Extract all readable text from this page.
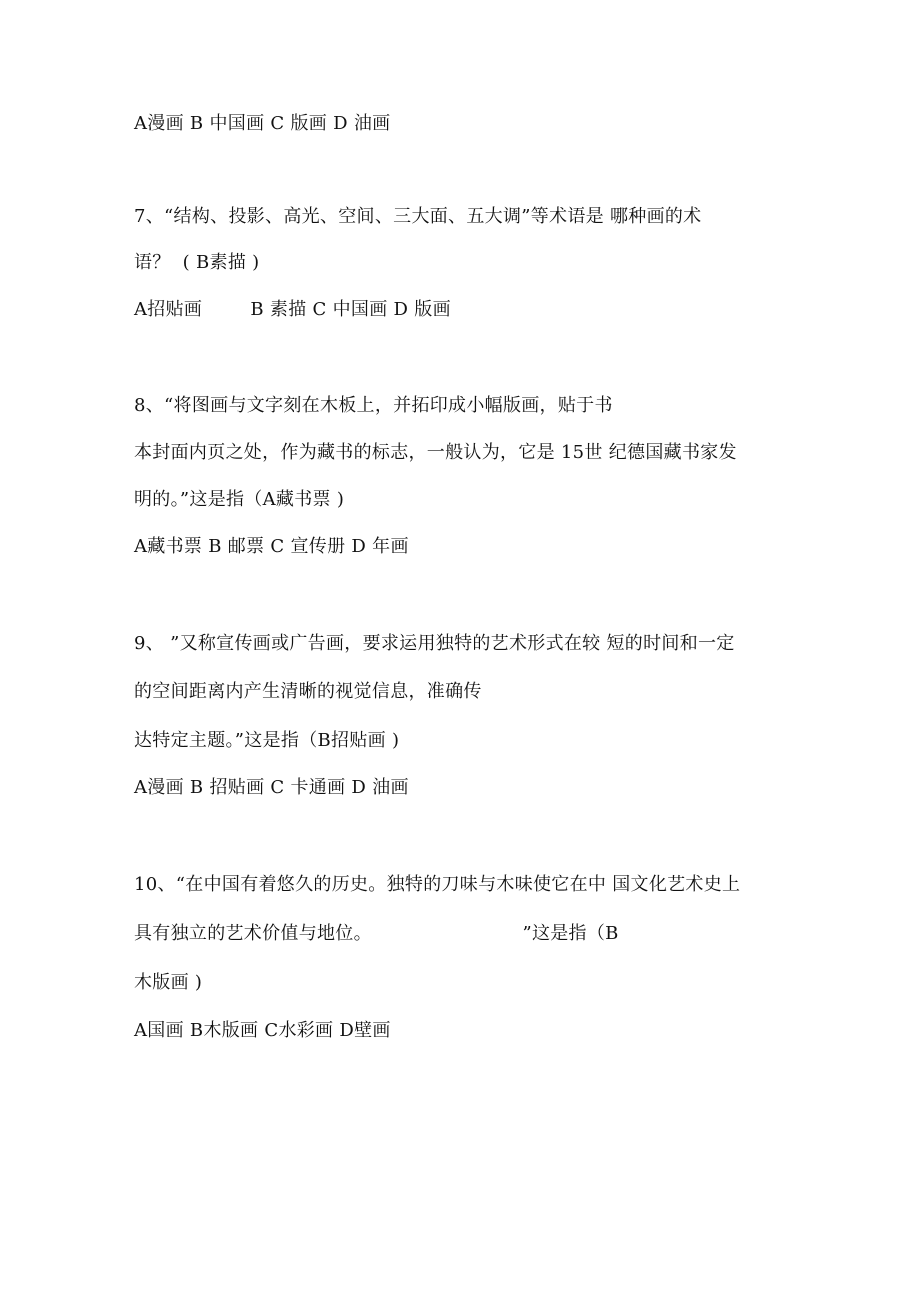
A漫画 B 中国画 C 版画 D 油画
7、“结构、投影、高光、空间、三大面、五大调”等术语是 哪种画的术
语？  ( B素描 )
A招贴画        B 素描 C 中国画 D 版画
8、“将图画与文字刻在木板上，并拓印成小幅版画，贴于书
本封面内页之处，作为藏书的标志，一般认为，它是 15世 纪德国藏书家发
明的。”这是指（A藏书票 )
A藏书票 B 邮票 C 宣传册 D 年画
9、 ”又称宣传画或广告画，要求运用独特的艺术形式在较 短的时间和一定
的空间距离内产生清晰的视觉信息，准确传
达特定主题。”这是指（B招贴画 )
A漫画 B 招贴画 C 卡通画 D 油画
10、“在中国有着悠久的历史。独特的刀味与木味使它在中 国文化艺术史上
具有独立的艺术价值与地位。                         ”这是指（B
木版画 )
A国画 B木版画 C水彩画 D壁画
